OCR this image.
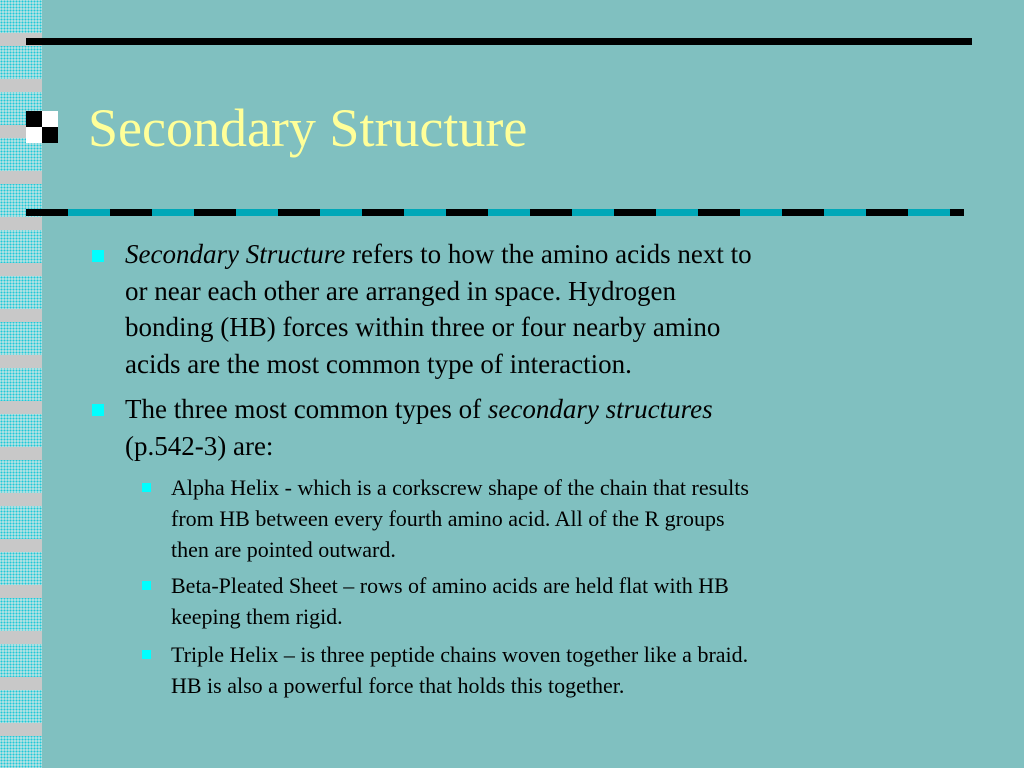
Secondary Structure
Secondary Structure refers to how the amino acids next to
or near each other are arranged in space. Hydrogen
bonding (HB) forces within three or four nearby amino
acids are the most common type of interaction.
The three most common types of secondary structures
(p.542-3) are:
Alpha Helix - which is a corkscrew shape of the chain that results
from HB between every fourth amino acid. All of the R groups
then are pointed outward.
Beta-Pleated Sheet – rows of amino acids are held flat with HB
keeping them rigid.
Triple Helix – is three peptide chains woven together like a braid.
HB is also a powerful force that holds this together.
